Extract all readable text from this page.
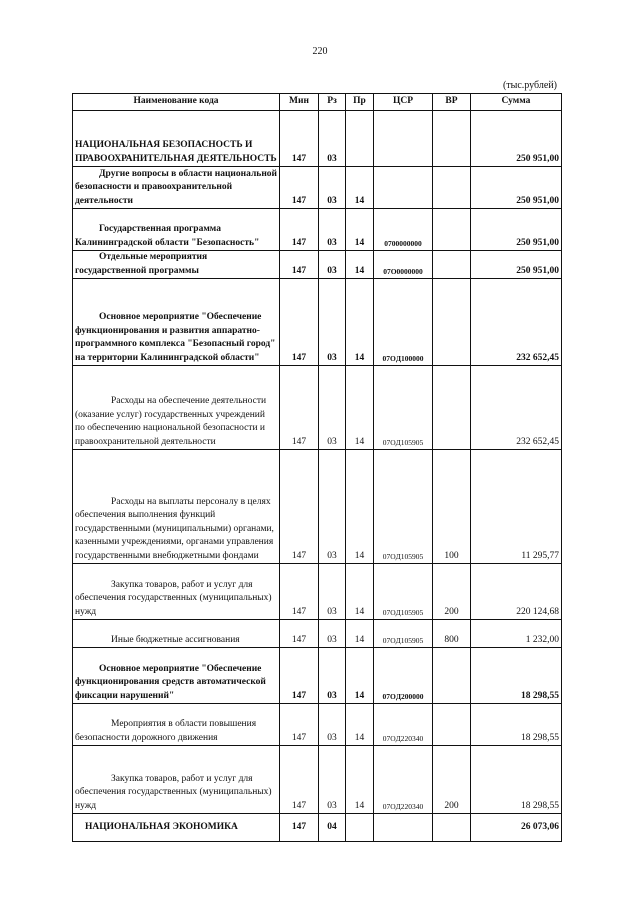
220
(тыс.рублей)
Наименование кода	Мин	Рз	Пр	ЦСР	ВР	Сумма
НАЦИОНАЛЬНАЯ БЕЗОПАСНОСТЬ И ПРАВООХРАНИТЕЛЬНАЯ ДЕЯТЕЛЬНОСТЬ	147	03				250 951,00
Другие вопросы в области национальной безопасности и правоохранительной деятельности	147	03	14			250 951,00
Государственная программа Калининградской области "Безопасность"	147	03	14	0700000000		250 951,00
Отдельные мероприятия государственной программы	147	03	14	07O0000000		250 951,00
Основное мероприятие "Обеспечение функционирования и развития аппаратно-программного комплекса "Безопасный город" на территории Калининградской области"	147	03	14	07OД100000		232 652,45
Расходы на обеспечение деятельности (оказание услуг) государственных учреждений по обеспечению национальной безопасности и правоохранительной деятельности	147	03	14	07OД105905		232 652,45
Расходы на выплаты персоналу в целях обеспечения выполнения функций государственными (муниципальными) органами, казенными учреждениями, органами управления государственными внебюджетными фондами	147	03	14	07OД105905	100	11 295,77
Закупка товаров, работ и услуг для обеспечения государственных (муниципальных) нужд	147	03	14	07OД105905	200	220 124,68
Иные бюджетные ассигнования	147	03	14	07OД105905	800	1 232,00
Основное мероприятие "Обеспечение функционирования средств автоматической фиксации нарушений"	147	03	14	07OД200000		18 298,55
Мероприятия в области повышения безопасности дорожного движения	147	03	14	07OД220340		18 298,55
Закупка товаров, работ и услуг для обеспечения государственных (муниципальных) нужд	147	03	14	07OД220340	200	18 298,55
НАЦИОНАЛЬНАЯ ЭКОНОМИКА	147	04				26 073,06
